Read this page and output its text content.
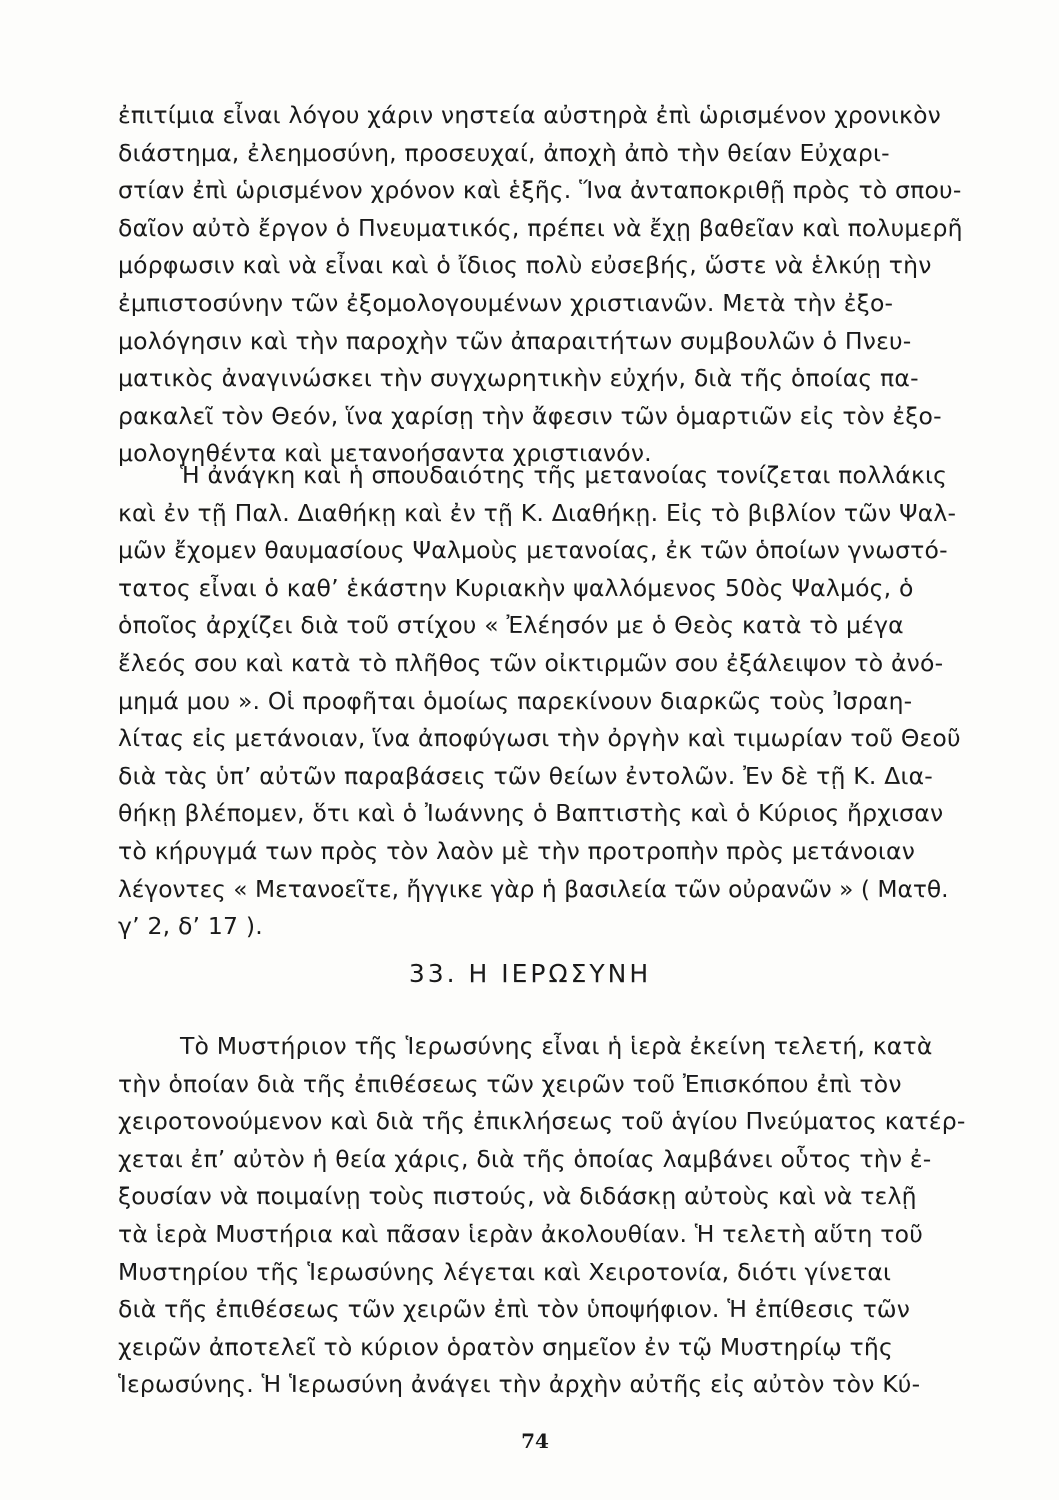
ἐπιτίμια εἶναι λόγου χάριν νηστεία αὐστηρὰ ἐπὶ ὡρισμένον χρονικὸν
διάστημα, ἐλεημοσύνη, προσευχαί, ἀποχὴ ἀπὸ τὴν θείαν Εὐχαρι-
στίαν ἐπὶ ὡρισμένον χρόνον καὶ ἑξῆς. Ἵνα ἀνταποκριθῇ πρὸς τὸ σπου-
δαῖον αὐτὸ ἔργον ὁ Πνευματικός, πρέπει νὰ ἔχῃ βαθεῖαν καὶ πολυμερῆ
μόρφωσιν καὶ νὰ εἶναι καὶ ὁ ἴδιος πολὺ εὐσεβής, ὥστε νὰ ἑλκύῃ τὴν
ἐμπιστοσύνην τῶν ἐξομολογουμένων χριστιανῶν. Μετὰ τὴν ἐξο-
μολόγησιν καὶ τὴν παροχὴν τῶν ἀπαραιτήτων συμβουλῶν ὁ Πνευ-
ματικὸς ἀναγινώσκει τὴν συγχωρητικὴν εὐχήν, διὰ τῆς ὁποίας πα-
ρακαλεῖ τὸν Θεόν, ἵνα χαρίσῃ τὴν ἄφεσιν τῶν ὁμαρτιῶν εἰς τὸν ἐξο-
μολογηθέντα καὶ μετανοήσαντα χριστιανόν.
Ἡ ἀνάγκη καὶ ἡ σπουδαιότης τῆς μετανοίας τονίζεται πολλάκις
καὶ ἐν τῇ Παλ. Διαθήκῃ καὶ ἐν τῇ Κ. Διαθήκῃ. Εἰς τὸ βιβλίον τῶν Ψαλ-
μῶν ἔχομεν θαυμασίους Ψαλμοὺς μετανοίας, ἐκ τῶν ὁποίων γνωστό-
τατος εἶναι ὁ καθ’ ἑκάστην Κυριακὴν ψαλλόμενος 50ὸς Ψαλμός, ὁ
ὁποῖος ἀρχίζει διὰ τοῦ στίχου « Ἐλέησόν με ὁ Θεὸς κατὰ τὸ μέγα
ἔλεός σου καὶ κατὰ τὸ πλῆθος τῶν οἰκτιρμῶν σου ἐξάλειψον τὸ ἀνό-
μημά μου ». Οἱ προφῆται ὁμοίως παρεκίνουν διαρκῶς τοὺς Ἰσραη-
λίτας εἰς μετάνοιαν, ἵνα ἀποφύγωσι τὴν ὀργὴν καὶ τιμωρίαν τοῦ Θεοῦ
διὰ τὰς ὑπ’ αὐτῶν παραβάσεις τῶν θείων ἐντολῶν. Ἐν δὲ τῇ Κ. Δια-
θήκῃ βλέπομεν, ὅτι καὶ ὁ Ἰωάννης ὁ Βαπτιστὴς καὶ ὁ Κύριος ἤρχισαν
τὸ κήρυγμά των πρὸς τὸν λαὸν μὲ τὴν προτροπὴν πρὸς μετάνοιαν
λέγοντες « Μετανοεῖτε, ἤγγικε γὰρ ἡ βασιλεία τῶν οὐρανῶν » ( Ματθ.
γ’ 2, δ’ 17 ).
33. Η ΙΕΡΩΣΥΝΗ
Τὸ Μυστήριον τῆς Ἱερωσύνης εἶναι ἡ ἱερὰ ἐκείνη τελετή, κατὰ
τὴν ὁποίαν διὰ τῆς ἐπιθέσεως τῶν χειρῶν τοῦ Ἐπισκόπου ἐπὶ τὸν
χειροτονούμενον καὶ διὰ τῆς ἐπικλήσεως τοῦ ἁγίου Πνεύματος κατέρ-
χεται ἐπ’ αὐτὸν ἡ θεία χάρις, διὰ τῆς ὁποίας λαμβάνει οὗτος τὴν ἐ-
ξουσίαν νὰ ποιμαίνῃ τοὺς πιστούς, νὰ διδάσκῃ αὐτοὺς καὶ νὰ τελῇ
τὰ ἱερὰ Μυστήρια καὶ πᾶσαν ἱερὰν ἀκολουθίαν. Ἡ τελετὴ αὕτη τοῦ
Μυστηρίου τῆς Ἱερωσύνης λέγεται καὶ Χειροτονία, διότι γίνεται
διὰ τῆς ἐπιθέσεως τῶν χειρῶν ἐπὶ τὸν ὑποψήφιον. Ἡ ἐπίθεσις τῶν
χειρῶν ἀποτελεῖ τὸ κύριον ὁρατὸν σημεῖον ἐν τῷ Μυστηρίῳ τῆς
Ἱερωσύνης. Ἡ Ἱερωσύνη ἀνάγει τὴν ἀρχὴν αὐτῆς εἰς αὐτὸν τὸν Κύ-
74
